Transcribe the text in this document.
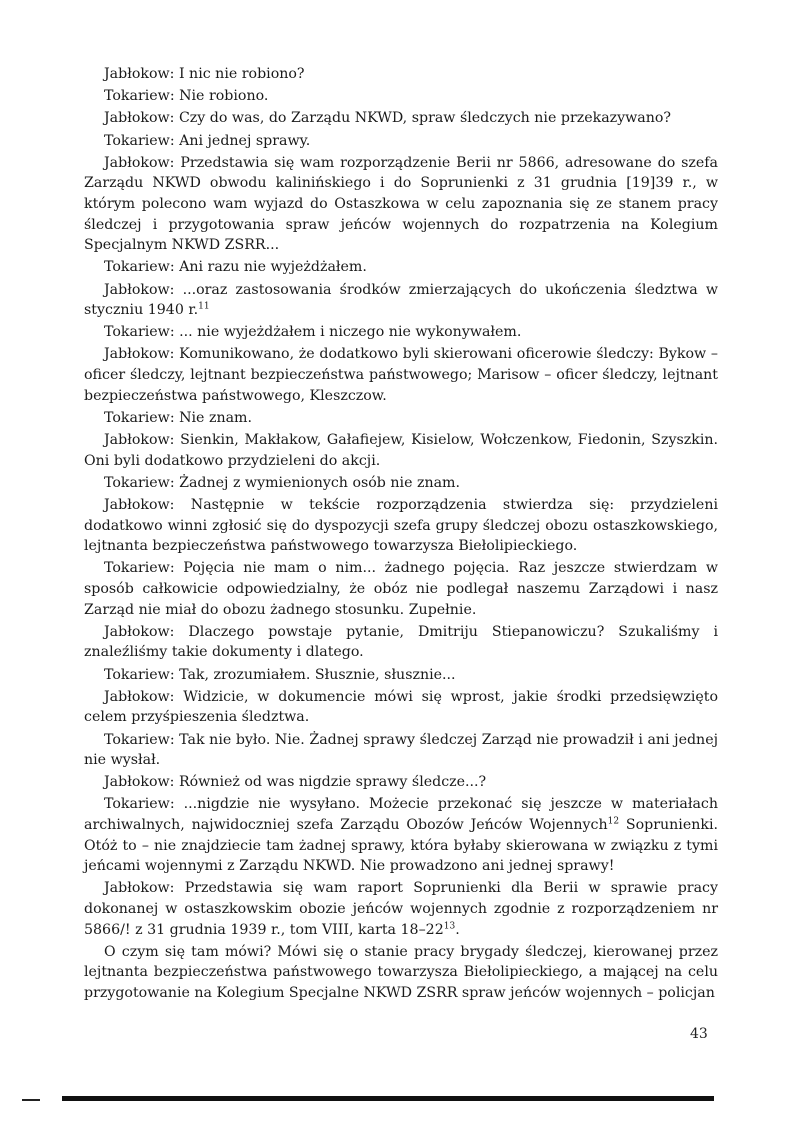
Jabłokow: I nic nie robiono?

Tokariew: Nie robiono.

Jabłokow: Czy do was, do Zarządu NKWD, spraw śledczych nie przekazywano?

Tokariew: Ani jednej sprawy.

Jabłokow: Przedstawia się wam rozporządzenie Berii nr 5866, adresowane do szefa Zarządu NKWD obwodu kalinińskiego i do Soprunienki z 31 grudnia [19]39 r., w którym polecono wam wyjazd do Ostaszkowa w celu zapoznania się ze stanem pracy śledczej i przygotowania spraw jeńców wojennych do rozpatrzenia na Kolegium Specjalnym NKWD ZSRR...

Tokariew: Ani razu nie wyjeżdżałem.

Jabłokow: ...oraz zastosowania środków zmierzających do ukończenia śledztwa w styczniu 1940 r.$^{11}$

Tokariew: ... nie wyjeżdżałem i niczego nie wykonywałem.

Jabłokow: Komunikowano, że dodatkowo byli skierowani oficerowie śledczy: Bykow – oficer śledczy, lejtnant bezpieczeństwa państwowego; Marisow – oficer śledczy, lejtnant bezpieczeństwa państwowego, Kleszczow.

Tokariew: Nie znam.

Jabłokow: Sienkin, Makłakow, Gałafiejew, Kisielow, Wołczenkow, Fiedonin, Szyszkin. Oni byli dodatkowo przydzieleni do akcji.

Tokariew: Żadnej z wymienionych osób nie znam.

Jabłokow: Następnie w tekście rozporządzenia stwierdza się: przydzieleni dodatkowo winni zgłosić się do dyspozycji szefa grupy śledczej obozu ostaszkowskiego, lejtnanta bezpieczeństwa państwowego towarzysza Biełolipieckiego.

Tokariew: Pojęcia nie mam o nim... żadnego pojęcia. Raz jeszcze stwierdzam w sposób całkowicie odpowiedzialny, że obóz nie podlegał naszemu Zarządowi i nasz Zarząd nie miał do obozu żadnego stosunku. Zupełnie.

Jabłokow: Dlaczego powstaje pytanie, Dmitriju Stiepanowiczu? Szukaliśmy i znaleźliśmy takie dokumenty i dlatego.

Tokariew: Tak, zrozumiałem. Słusznie, słusznie...

Jabłokow: Widzicie, w dokumencie mówi się wprost, jakie środki przedsięwzięto celem przyśpieszenia śledztwa.

Tokariew: Tak nie było. Nie. Żadnej sprawy śledczej Zarząd nie prowadził i ani jednej nie wysłał.

Jabłokow: Również od was nigdzie sprawy śledcze...?

Tokariew: ...nigdzie nie wysyłano. Możecie przekonać się jeszcze w materiałach archiwalnych, najwidoczniej szefa Zarządu Obozów Jeńców Wojennych$^{12}$ Soprunienki. Otóż to – nie znajdziecie tam żadnej sprawy, która byłaby skierowana w związku z tymi jeńcami wojennymi z Zarządu NKWD. Nie prowadzono ani jednej sprawy!

Jabłokow: Przedstawia się wam raport Soprunienki dla Berii w sprawie pracy dokonanej w ostaszkowskim obozie jeńców wojennych zgodnie z rozporządzeniem nr 5866/! z 31 grudnia 1939 r., tom VIII, karta $18-22^{13}$.

O czym się tam mówi? Mówi się o stanie pracy brygady śledczej, kierowanej przez lejtnanta bezpieczeństwa państwowego towarzysza Biełolipieckiego, a mającej na celu przygotowanie na Kolegium Specjalne NKWD ZSRR spraw jeńców wojennych – policjan

43
